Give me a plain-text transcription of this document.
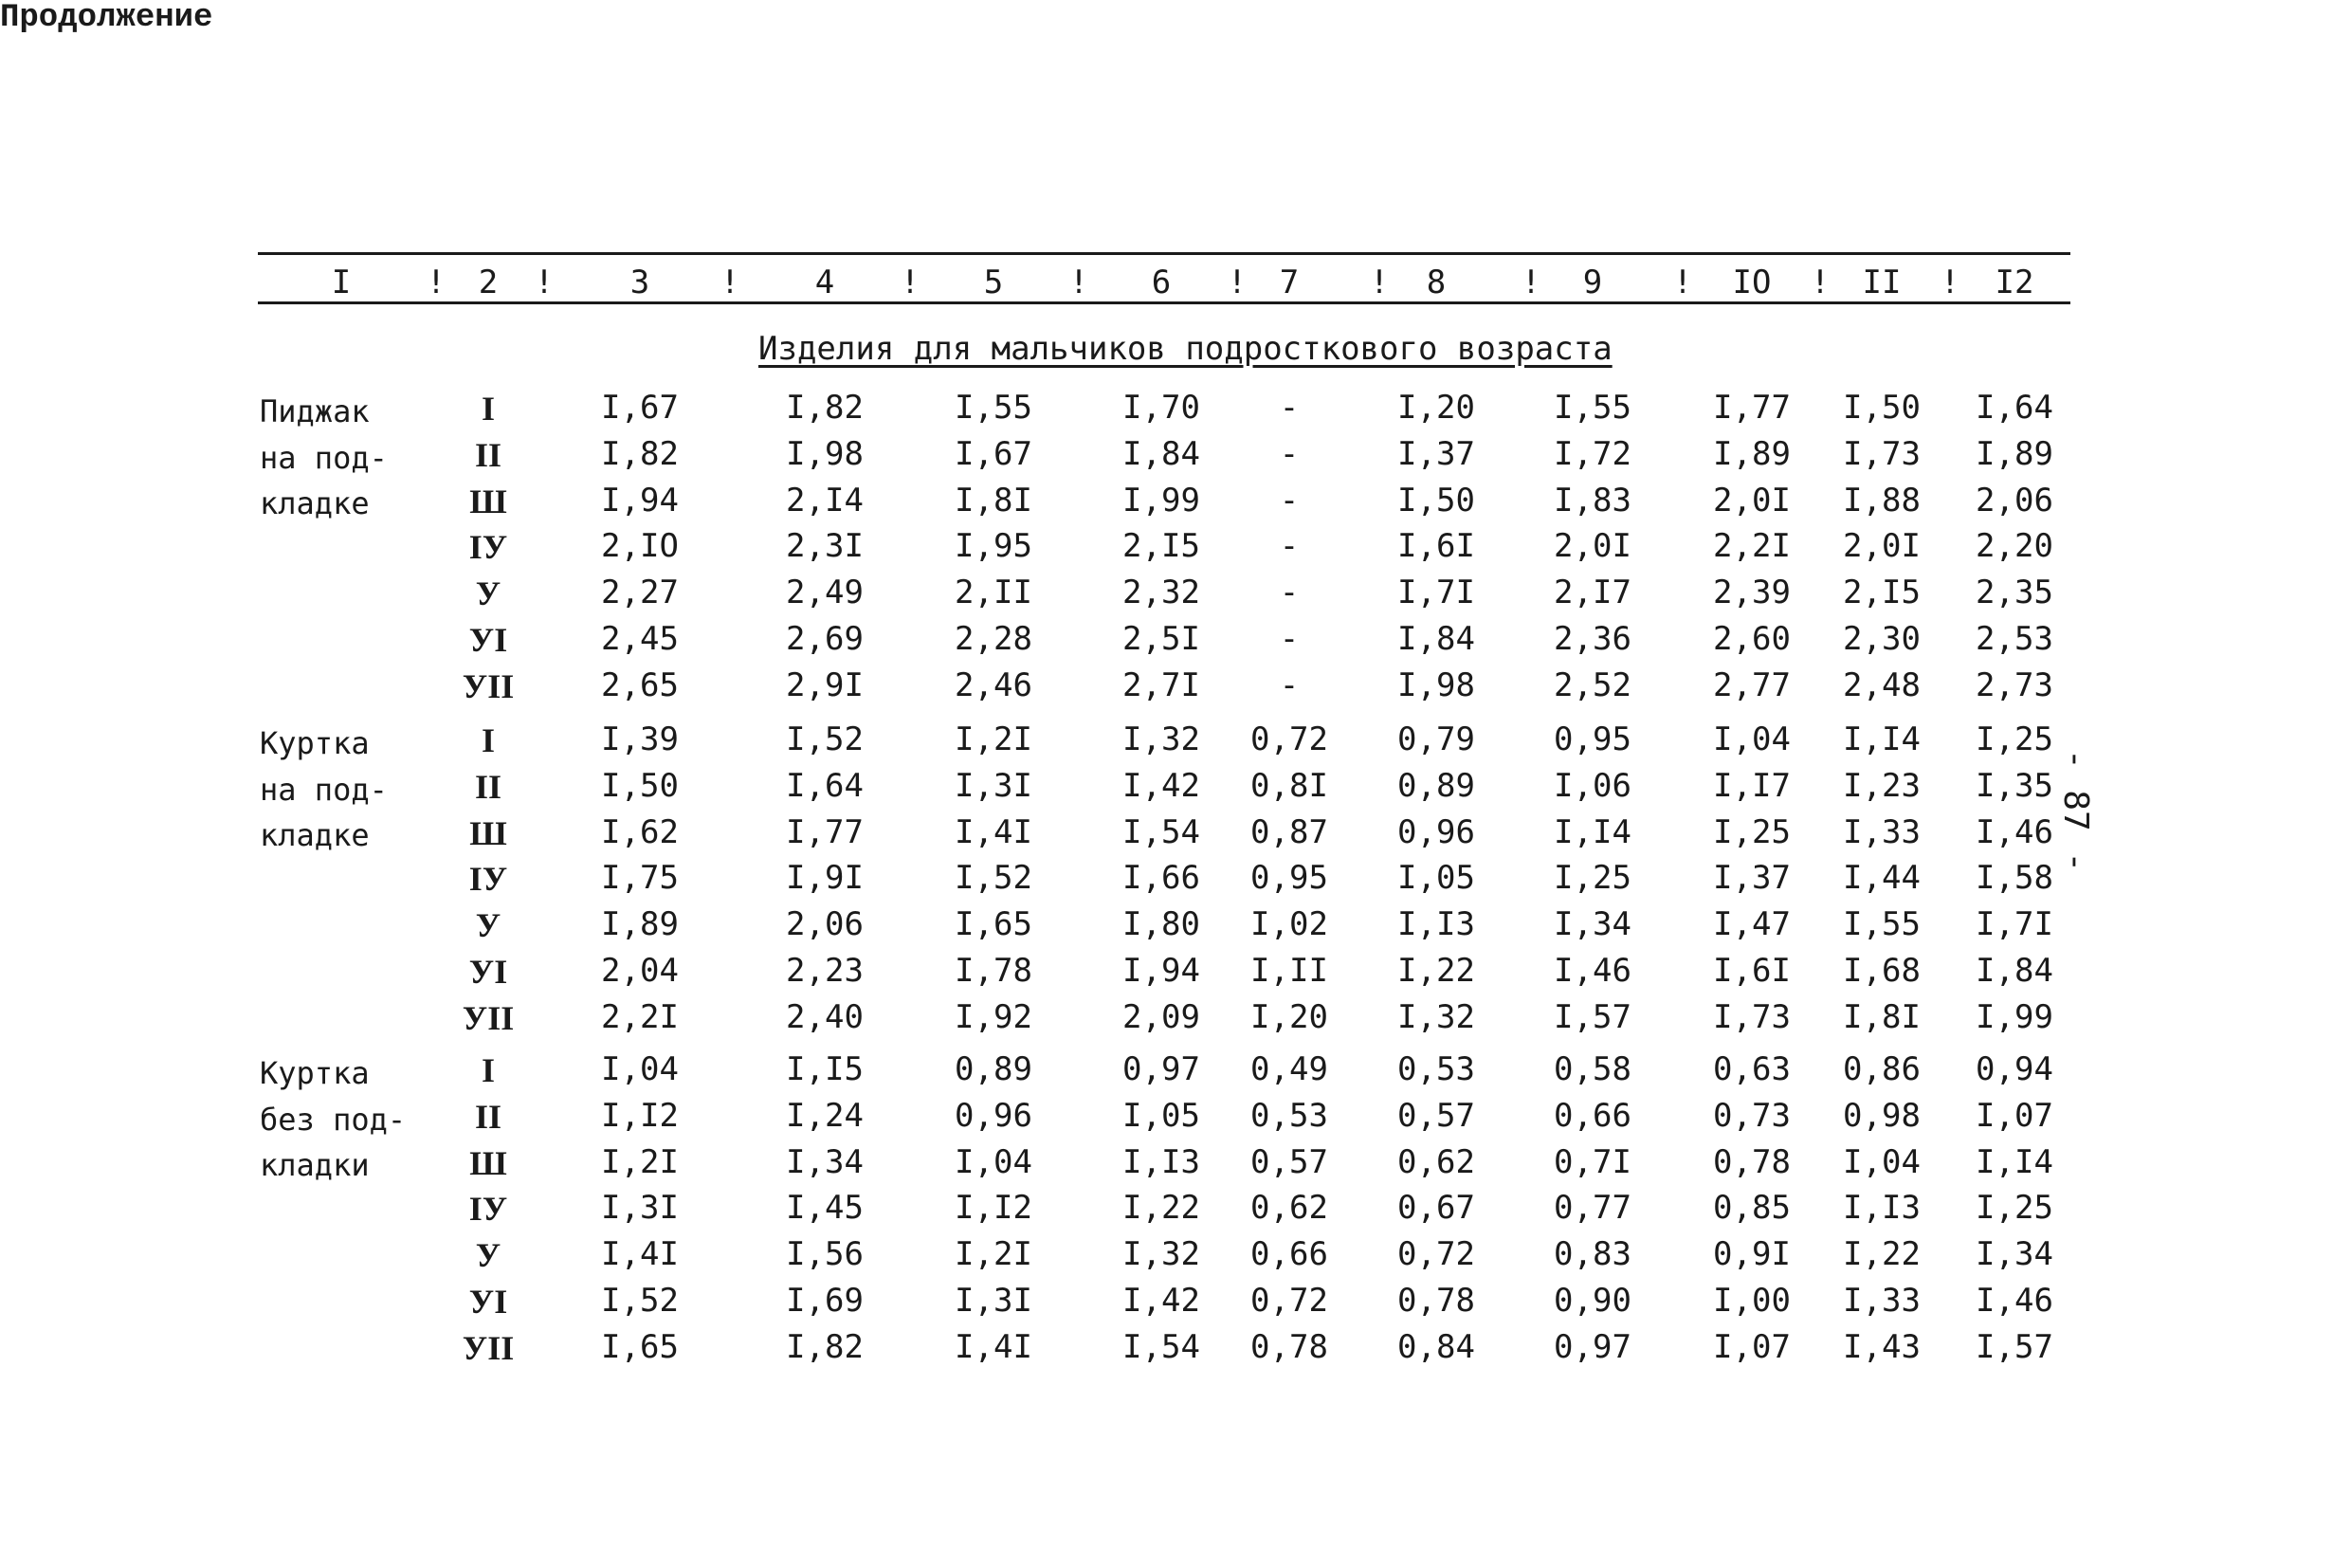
Продолжение
I	2	3	4	5	6	7	8	9	IO	II	I2
!	!	!	!	!	!	!	!	!	!	!
Изделия для мальчиков подросткового возраста
Пиджак
на под-
кладке
I	I,67	I,82	I,55	I,70 -	I,20 I,55	I,77 I,50 I,64
II	I,82	I,98	I,67	I,84 -	I,37 I,72	I,89 I,73 I,89
Ш	I,94	2,I4	I,8I	I,99 -	I,50 I,83	2,0I I,88 2,06
IУ	2,IO	2,3I	I,95	2,I5 -	I,6I 2,0I	2,2I 2,0I 2,20
У	2,27	2,49	2,II	2,32 -	I,7I 2,I7	2,39 2,I5 2,35
УI	2,45	2,69	2,28	2,5I -	I,84 2,36	2,60 2,30 2,53
УII	2,65	2,9I	2,46	2,7I -	I,98 2,52	2,77 2,48 2,73
Куртка
на под-
кладке
I	I,39	I,52	I,2I	I,32 0,72 0,79 0,95	I,04 I,I4 I,25
II	I,50	I,64	I,3I	I,42 0,8I 0,89 I,06	I,I7 I,23 I,35
Ш	I,62	I,77	I,4I	I,54 0,87 0,96 I,I4	I,25 I,33 I,46
IУ	I,75	I,9I	I,52	I,66 0,95 I,05 I,25	I,37 I,44 I,58
У	I,89	2,06	I,65	I,80 I,02 I,I3 I,34	I,47 I,55 I,7I
УI	2,04	2,23	I,78	I,94 I,II I,22 I,46	I,6I I,68 I,84
УII	2,2I	2,40	I,92	2,09 I,20 I,32 I,57	I,73 I,8I I,99
Куртка
без под-
кладки
I	I,04	I,I5	0,89	0,97 0,49 0,53 0,58	0,63 0,86 0,94
II	I,I2	I,24	0,96	I,05 0,53 0,57 0,66	0,73 0,98 I,07
Ш	I,2I	I,34	I,04	I,I3 0,57 0,62 0,7I	0,78 I,04 I,I4
IУ	I,3I	I,45	I,I2	I,22 0,62 0,67 0,77	0,85 I,I3 I,25
У	I,4I	I,56	I,2I	I,32 0,66 0,72 0,83	0,9I I,22 I,34
УI	I,52	I,69	I,3I	I,42 0,72 0,78 0,90	I,00 I,33 I,46
УII	I,65	I,82	I,4I	I,54 0,78 0,84 0,97	I,07 I,43 I,57
- 87 -
